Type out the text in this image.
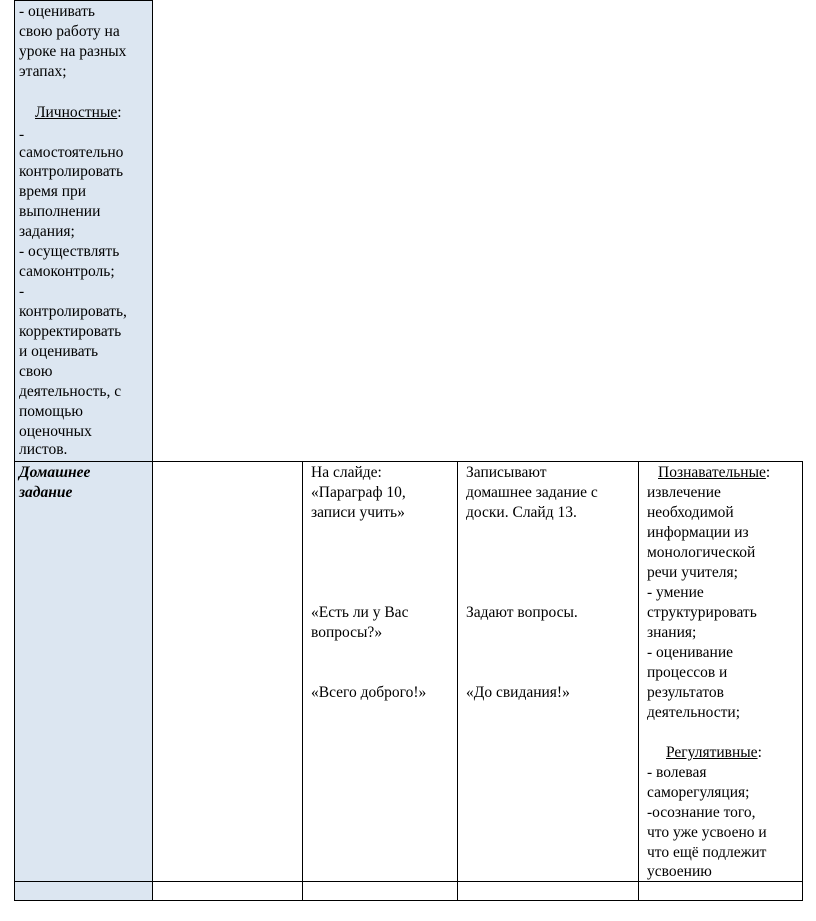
- оценивать
свою работу на
уроке на разных
этапах;
Личностные:
-
самостоятельно
контролировать
время при
выполнении
задания;
- осуществлять
самоконтроль;
-
контролировать,
корректировать
и оценивать
свою
деятельность, с
помощью
оценочных
листов.
Домашнее
задание
На слайде:
«Параграф 10,
записи учить»
«Есть ли у Вас
вопросы?»
«Всего доброго!»
Записывают
домашнее задание с
доски. Слайд 13.
Задают вопросы.
«До свидания!»
Познавательные:
извлечение
необходимой
информации из
монологической
речи учителя;
- умение
структурировать
знания;
- оценивание
процессов и
результатов
деятельности;
Регулятивные:
- волевая
саморегуляция;
-осознание того,
что уже усвоено и
что ещё подлежит
усвоению
